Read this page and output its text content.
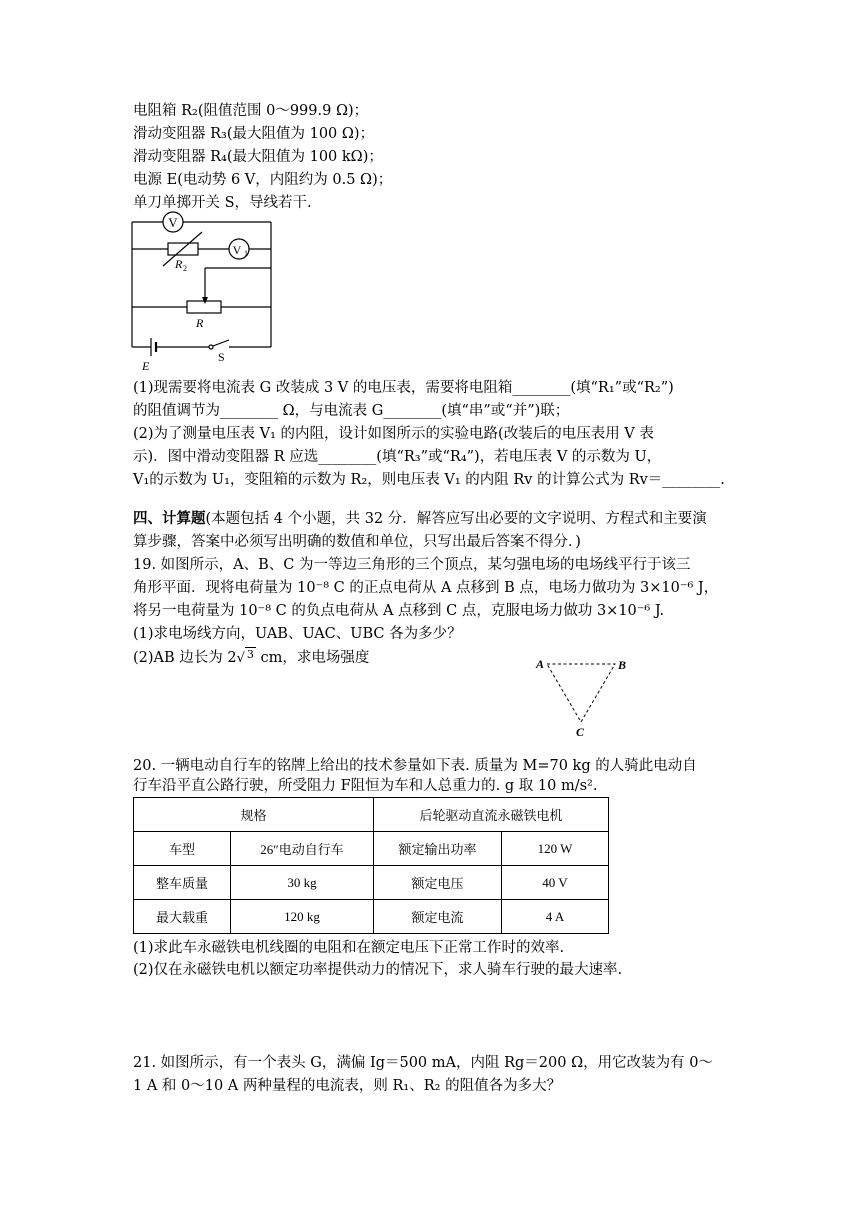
电阻箱 R₂(阻值范围 0～999.9 Ω)；
滑动变阻器 R₃(最大阻值为 100 Ω)；
滑动变阻器 R₄(最大阻值为 100 kΩ)；
电源 E(电动势 6 V，内阻约为 0.5 Ω)；
单刀单掷开关 S，导线若干.
V
V 1
R 2
R
E
S
(1)现需要将电流表 G 改装成 3 V 的电压表，需要将电阻箱________(填“R₁”或“R₂”)
的阻值调节为________ Ω，与电流表 G________(填“串”或“并”)联；
(2)为了测量电压表 V₁ 的内阻，设计如图所示的实验电路(改装后的电压表用 V 表
示)．图中滑动变阻器 R 应选________(填“R₃”或“R₄”)，若电压表 V 的示数为 U，
V₁的示数为 U₁，变阻箱的示数为 R₂，则电压表 V₁ 的内阻 Rv 的计算公式为 Rv＝________.
四、计算题(本题包括 4 个小题，共 32 分．解答应写出必要的文字说明、方程式和主要演
算步骤，答案中必须写出明确的数值和单位，只写出最后答案不得分．)
19. 如图所示，A、B、C 为一等边三角形的三个顶点，某匀强电场的电场线平行于该三
角形平面．现将电荷量为 10⁻⁸ C 的正点电荷从 A 点移到 B 点，电场力做功为 3×10⁻⁶ J，
将另一电荷量为 10⁻⁸ C 的负点电荷从 A 点移到 C 点，克服电场力做功 3×10⁻⁶ J.
(1)求电场线方向，UAB、UAC、UBC 各为多少？
(2)AB 边长为 2√ 3 cm，求电场强度	A	B
C
20. 一辆电动自行车的铭牌上给出的技术参量如下表. 质量为 M=70 kg 的人骑此电动自
行车沿平直公路行驶，所受阻力 F阻恒为车和人总重力的. g 取 10 m/s².
规格		后轮驱动直流永磁铁电机	
车型	26″电动自行车	额定输出功率	120 W
整车质量	30 kg	额定电压	40 V
最大载重	120 kg	额定电流	4 A
(1)求此车永磁铁电机线圈的电阻和在额定电压下正常工作时的效率.
(2)仅在永磁铁电机以额定功率提供动力的情况下，求人骑车行驶的最大速率.
21. 如图所示，有一个表头 G，满偏 Ig＝500 mA，内阻 Rg＝200 Ω，用它改装为有 0～
1 A 和 0～10 A 两种量程的电流表，则 R₁、R₂ 的阻值各为多大？
